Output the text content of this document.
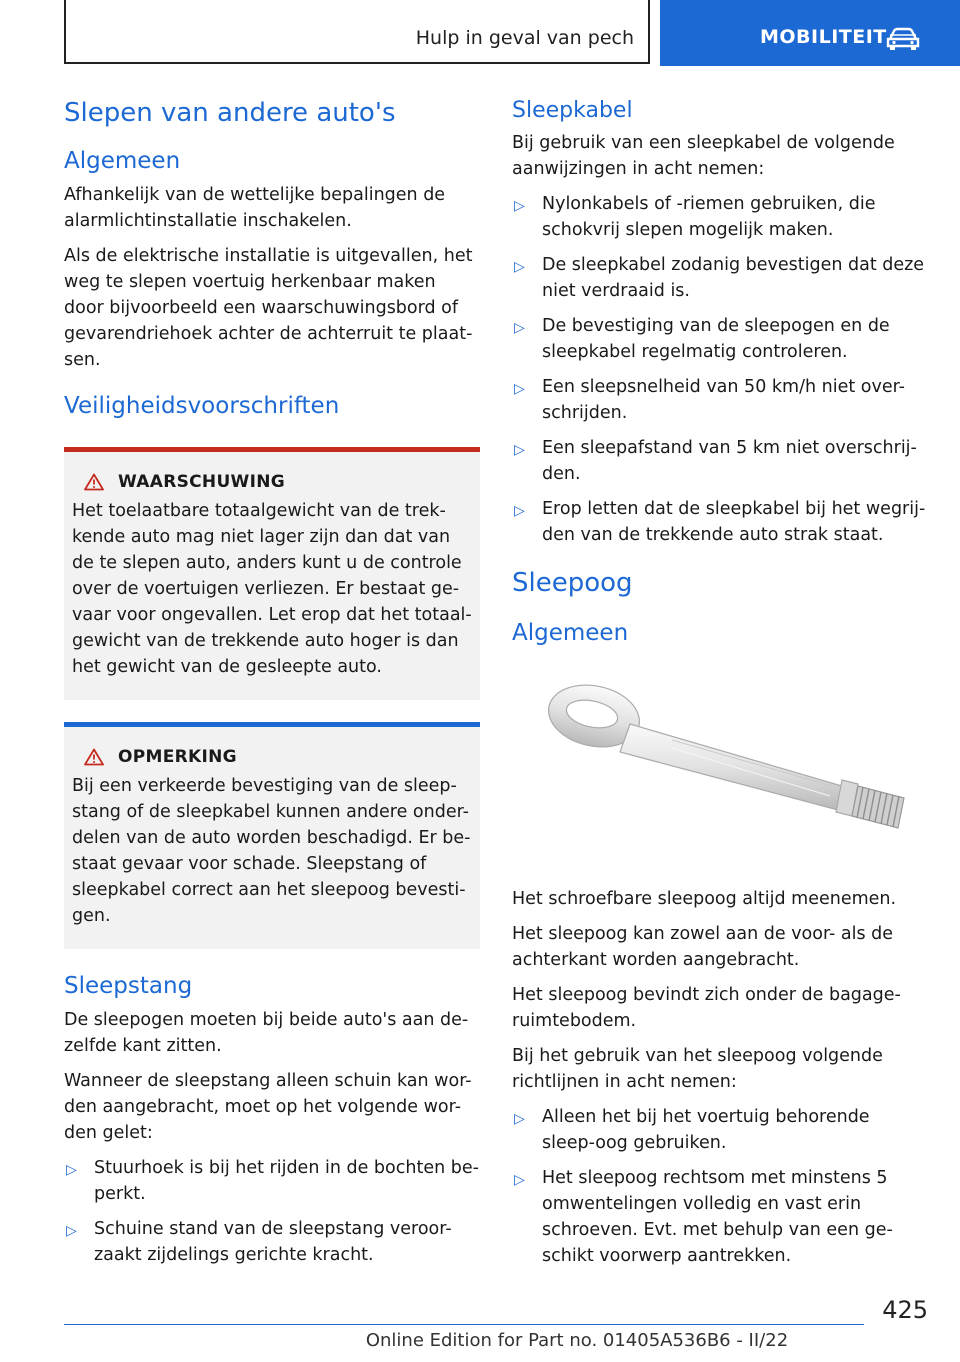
Hulp in geval van pech	MOBILITEIT
Slepen van andere auto's
Algemeen

Afhankelijk van de wettelijke bepalingen de alarmlichtinstallatie inschakelen.

Als de elektrische installatie is uitgevallen, het weg te slepen voertuig herkenbaar maken door bijvoorbeeld een waarschuwingsbord of gevarendriehoek achter de achterruit te plaat-sen.

Veiligheidsvoorschriften
WAARSCHUWING

Het toelaatbare totaalgewicht van de trek-kende auto mag niet lager zijn dan dat van de te slepen auto, anders kunt u de controle over de voertuigen verliezen. Er bestaat ge-vaar voor ongevallen. Let erop dat het totaal-gewicht van de trekkende auto hoger is dan het gewicht van de gesleepte auto.

OPMERKING

Bij een verkeerde bevestiging van de sleep-stang of de sleepkabel kunnen andere onder-delen van de auto worden beschadigd. Er be-staat gevaar voor schade. Sleepstang of sleepkabel correct aan het sleepoog bevesti-gen.

Sleepstang

De sleepogen moeten bij beide auto's aan de-zelfde kant zitten.

Wanneer de sleepstang alleen schuin kan wor-den aangebracht, moet op het volgende wor-den gelet:

▷ Stuurhoek is bij het rijden in de bochten be-perkt.
▷ Schuine stand van de sleepstang veroor-zaakt zijdelings gerichte kracht.
Sleepkabel

Bij gebruik van een sleepkabel de volgende aanwijzingen in acht nemen:

▷ Nylonkabels of -riemen gebruiken, die schokvrij slepen mogelijk maken.
▷ De sleepkabel zodanig bevestigen dat deze niet verdraaid is.
▷ De bevestiging van de sleepogen en de sleepkabel regelmatig controleren.
▷ Een sleepsnelheid van 50 km/h niet over-schrijden.
▷ Een sleepafstand van 5 km niet overschrij-den.
▷ Erop letten dat de sleepkabel bij het wegrij-den van de trekkende auto strak staat.
Sleepoog
Algemeen

Het schroefbare sleepoog altijd meenemen.

Het sleepoog kan zowel aan de voor- als de achterkant worden aangebracht.

Het sleepoog bevindt zich onder de bagage-ruimtebodem.

Bij het gebruik van het sleepoog volgende richtlijnen in acht nemen:

▷ Alleen het bij het voertuig behorende sleep-oog gebruiken.
▷ Het sleepoog rechtsom met minstens 5 omwentelingen volledig en vast erin schroeven. Evt. met behulp van een ge-schikt voorwerp aantrekken.
425
Online Edition for Part no. 01405A536B6 - II/22
